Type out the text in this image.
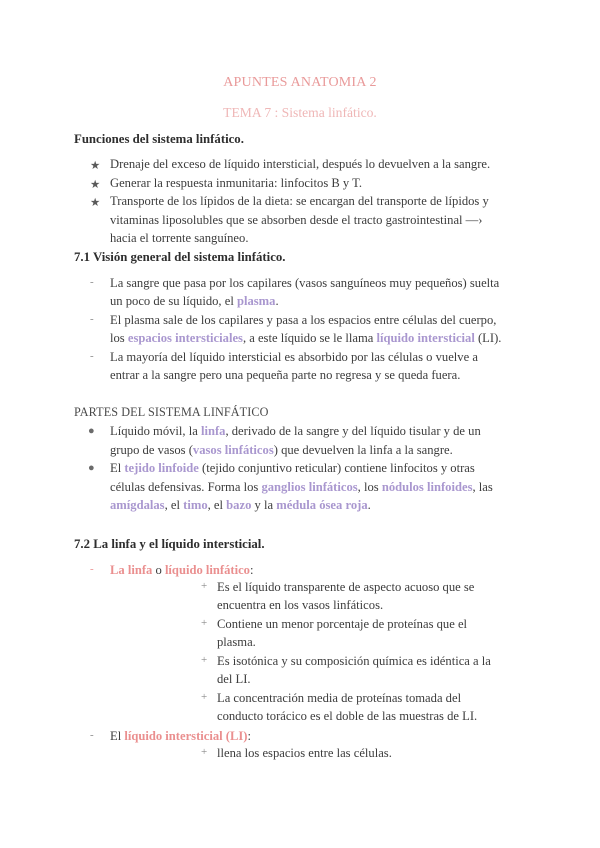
APUNTES ANATOMIA 2
TEMA 7 : Sistema linfático.
Funciones del sistema linfático.
★ Drenaje del exceso de líquido intersticial, después lo devuelven a la sangre.
★ Generar la respuesta inmunitaria: linfocitos B y T.
★ Transporte de los lípidos de la dieta: se encargan del transporte de lípidos y
vitaminas liposolubles que se absorben desde el tracto gastrointestinal —›
hacia el torrente sanguíneo.
7.1 Visión general del sistema linfático.
- La sangre que pasa por los capilares (vasos sanguíneos muy pequeños) suelta
un poco de su líquido, el plasma.
- El plasma sale de los capilares y pasa a los espacios entre células del cuerpo,
los espacios intersticiales, a este líquido se le llama líquido intersticial (LI).
- La mayoría del líquido intersticial es absorbido por las células o vuelve a
entrar a la sangre pero una pequeña parte no regresa y se queda fuera.
PARTES DEL SISTEMA LINFÁTICO
● Líquido móvil, la linfa, derivado de la sangre y del líquido tisular y de un
grupo de vasos (vasos linfáticos) que devuelven la linfa a la sangre.
● El tejido linfoide (tejido conjuntivo reticular) contiene linfocitos y otras
células defensivas. Forma los ganglios linfáticos, los nódulos linfoides, las
amígdalas, el timo, el bazo y la médula ósea roja.
7.2 La linfa y el líquido intersticial.
- La linfa o líquido linfático:
+ Es el líquido transparente de aspecto acuoso que se
encuentra en los vasos linfáticos.
+ Contiene un menor porcentaje de proteínas que el
plasma.
+ Es isotónica y su composición química es idéntica a la
del LI.
+ La concentración media de proteínas tomada del
conducto torácico es el doble de las muestras de LI.
- El líquido intersticial (LI):
+ llena los espacios entre las células.
